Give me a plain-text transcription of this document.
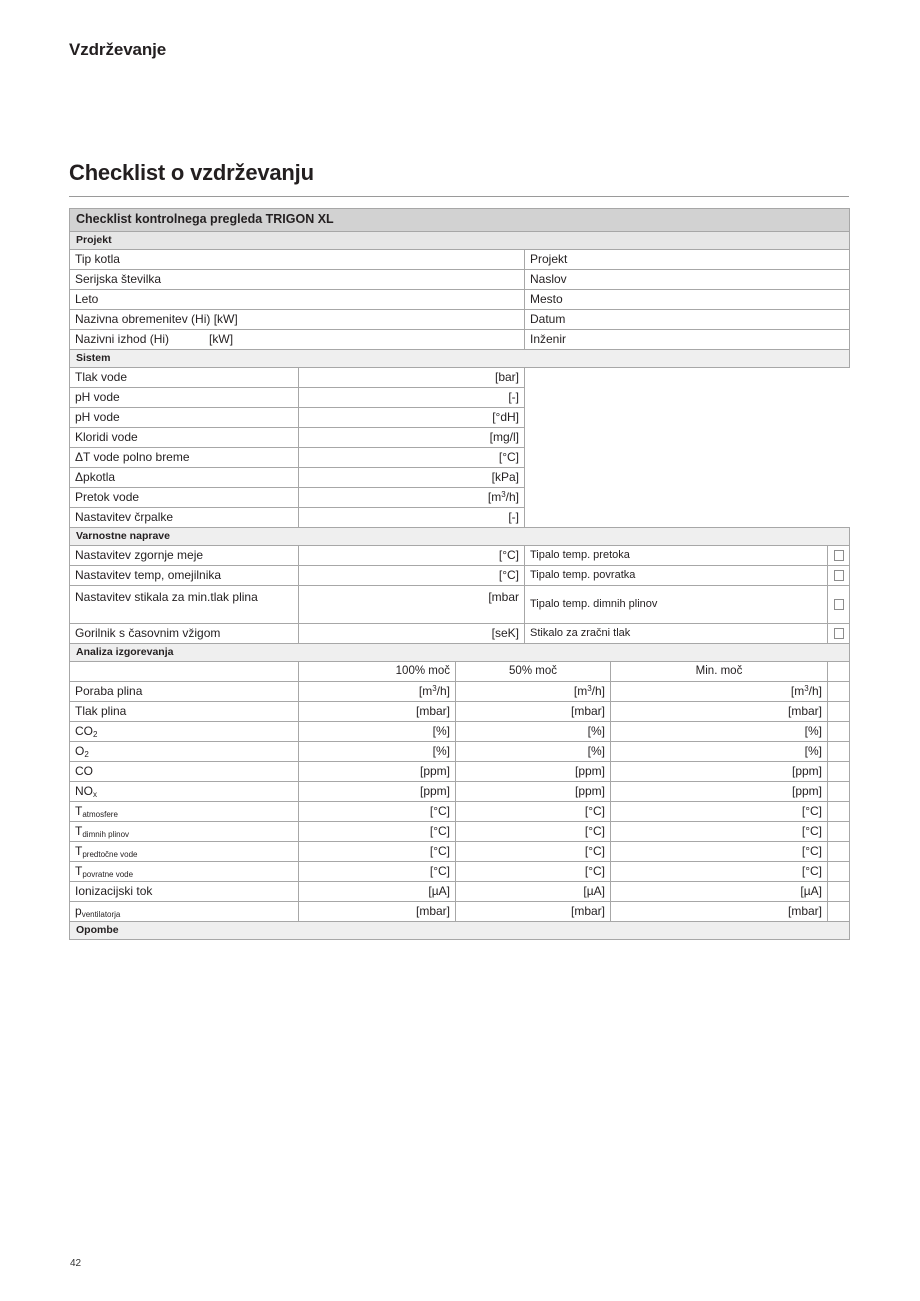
Vzdrževanje
Checklist o vzdrževanju
Checklist kontrolnega pregleda TRIGON XL					
Projekt					
Tip kotla			Projekt		
Serijska številka			Naslov		
Leto			Mesto		
Nazivna obremenitev (Hi) [kW]			Datum		
Nazivni izhod (Hi)            [kW]			Inženir		
Sistem					
Tlak vode	[bar]				
pH vode	[-]				
pH vode	[°dH]				
Kloridi vode	[mg/l]				
ΔT vode polno breme	[°C]				
Δpkotla	[kPa]				
Pretok vode	$[m^3/h]$				
Nastavitev črpalke	[-]				
Varnostne naprave					
Nastavitev zgornje meje	[°C]		Tipalo temp. pretoka		
Nastavitev temp, omejilnika	[°C]		Tipalo temp. povratka		
Nastavitev stikala za min.tlak plina	[mbar		Tipalo temp. dimnih plinov		
Gorilnik s časovnim vžigom	[seK]		Stikalo za zračni tlak		
Analiza izgorevanja					
	100% moč	50% moč		Min. moč	
Poraba plina	$[m^3/h]$	$[m^3/h]$		$[m^3/h]$	
Tlak plina	[mbar]	[mbar]		[mbar]	
$CO_2$	[%]	[%]		[%]	
$O_2$	[%]	[%]		[%]	
CO	[ppm]	[ppm]		[ppm]	
$NO_x$	[ppm]	[ppm]		[ppm]	
$T_{atmosfere}$	[°C]	[°C]		[°C]	
$T_{dimnih plinov}$	[°C]	[°C]		[°C]	
$T_{predtočne vode}$	[°C]	[°C]		[°C]	
$T_{povratne vode}$	[°C]	[°C]		[°C]	
Ionizacijski tok	[µA]	[µA]		[µA]	
$p_{ventilatorja}$	[mbar]	[mbar]		[mbar]	
Opombe					
42
